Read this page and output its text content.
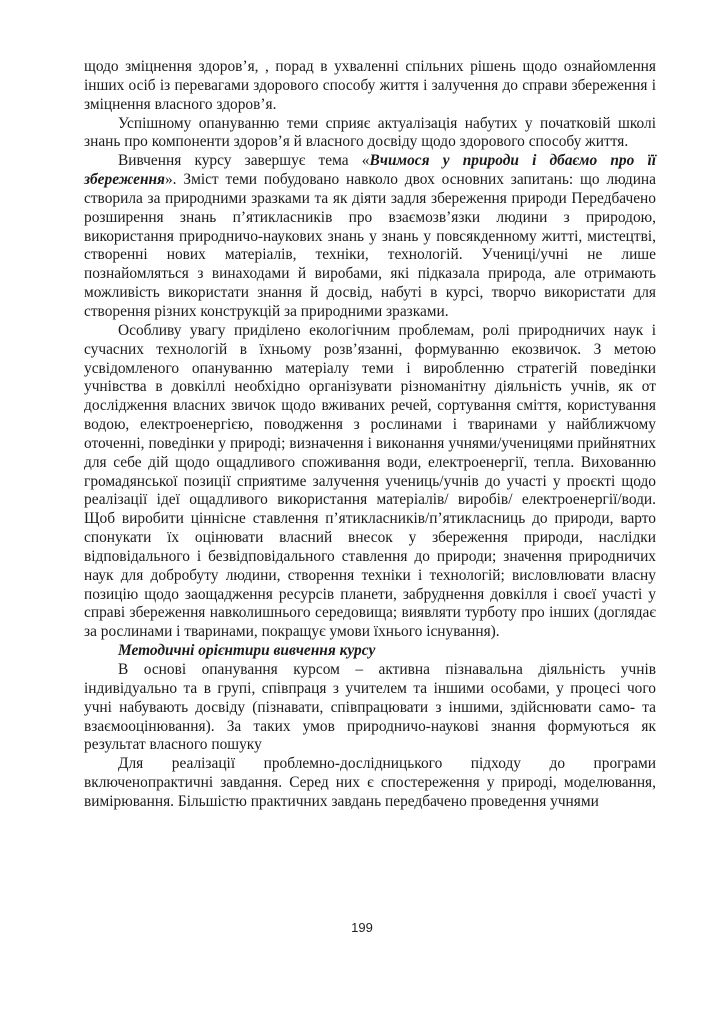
щодо зміцнення здоров’я, , порад в ухваленні спільних рішень щодо ознайомлення інших осіб із перевагами здорового способу життя і залучення до справи збереження і зміцнення власного здоров’я.

Успішному опануванню теми сприяє актуалізація набутих у початковій школі знань про компоненти здоров’я й власного досвіду щодо здорового способу життя.

Вивчення курсу завершує тема «Вчимося у природи і дбаємо про її збереження». Зміст теми побудовано навколо двох основних запитань: що людина створила за природними зразками та як діяти задля збереження природи Передбачено розширення знань п’ятикласників про взаємозв’язки людини з природою, використання природничо-наукових знань у знань у повсякденному житті, мистецтві, створенні нових матеріалів, техніки, технологій. Учениці/учні не лише познайомляться з винаходами й виробами, які підказала природа, але отримають можливість використати знання й досвід, набуті в курсі, творчо використати для створення різних конструкцій за природними зразками.

Особливу увагу приділено екологічним проблемам, ролі природничих наук і сучасних технологій в їхньому розв’язанні, формуванню екозвичок. З метою усвідомленого опануванню матеріалу теми і виробленню стратегій поведінки учнівства в довкіллі необхідно організувати різноманітну діяльність учнів, як от дослідження власних звичок щодо вживаних речей, сортування сміття, користування водою, електроенергією, поводження з рослинами і тваринами у найближчому оточенні, поведінки у природі; визначення і виконання учнями/ученицями прийнятних для себе дій щодо ощадливого споживання води, електроенергії, тепла. Вихованню громадянської позиції сприятиме залучення учениць/учнів до участі у проєкті щодо реалізації ідеї ощадливого використання матеріалів/ виробів/ електроенергії/води. Щоб виробити ціннісне ставлення п’ятикласників/п’ятикласниць до природи, варто спонукати їх оцінювати власний внесок у збереження природи, наслідки відповідального і безвідповідального ставлення до природи; значення природничих наук для добробуту людини, створення техніки і технологій; висловлювати власну позицію щодо заощадження ресурсів планети, забруднення довкілля і своєї участі у справі збереження навколишнього середовища; виявляти турботу про інших (доглядає за рослинами і тваринами, покращує умови їхнього існування).

Методичні орієнтири вивчення курсу

В основі опанування курсом – активна пізнавальна діяльність учнів індивідуально та в групі, співпраця з учителем та іншими особами, у процесі чого учні набувають досвіду (пізнавати, співпрацювати з іншими, здійснювати само- та взаємооцінювання). За таких умов природничо-наукові знання формуються як результат власного пошуку

Для реалізації проблемно-дослідницького підходу до програми включенопрактичні завдання. Серед них є спостереження у природі, моделювання, вимірювання. Більшістю практичних завдань передбачено проведення учнями

199
